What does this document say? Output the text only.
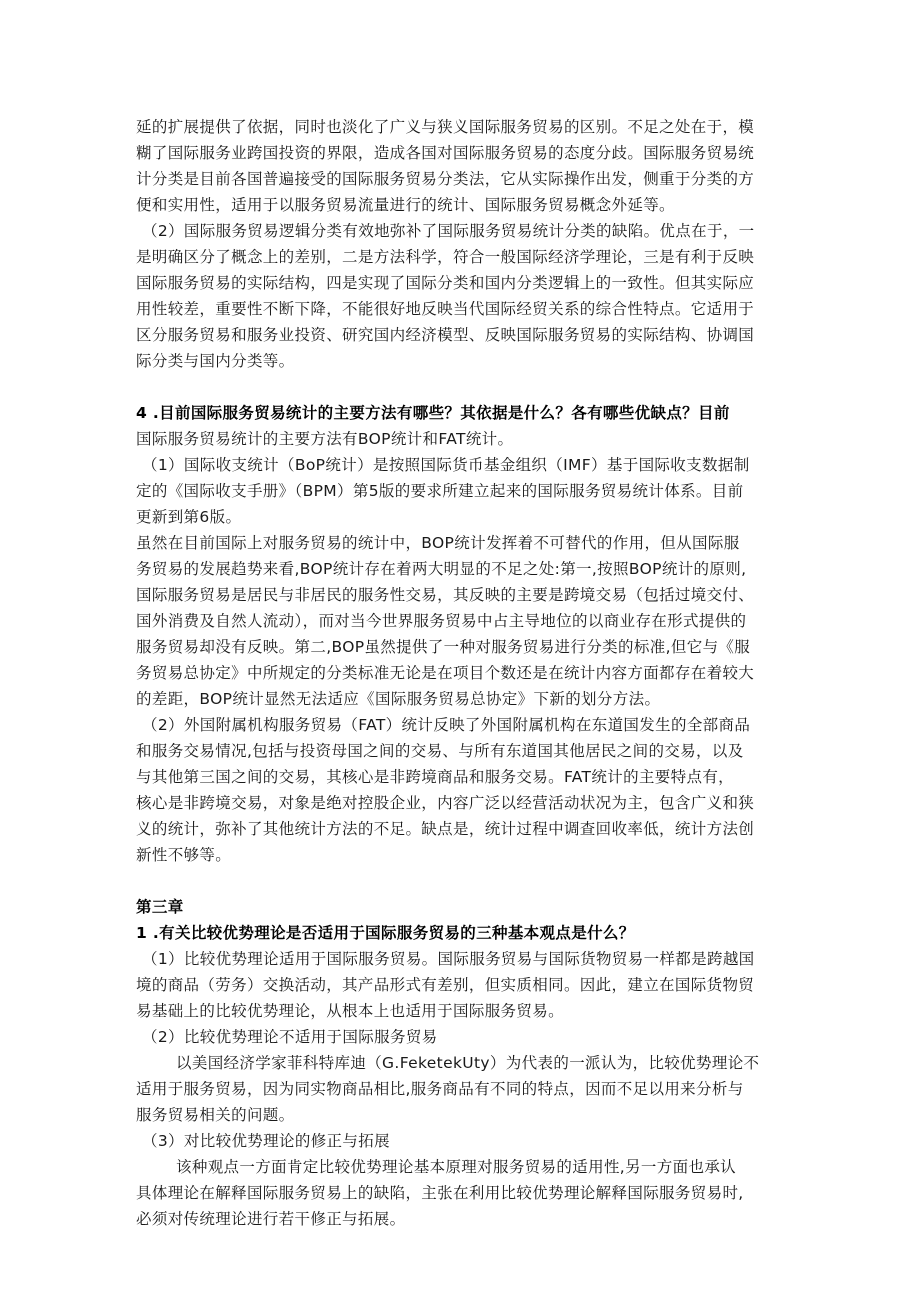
延的扩展提供了依据，同时也淡化了广义与狭义国际服务贸易的区别。不足之处在于，模
糊了国际服务业跨国投资的界限，造成各国对国际服务贸易的态度分歧。国际服务贸易统
计分类是目前各国普遍接受的国际服务贸易分类法，它从实际操作出发，侧重于分类的方
便和实用性，适用于以服务贸易流量进行的统计、国际服务贸易概念外延等。
（2）国际服务贸易逻辑分类有效地弥补了国际服务贸易统计分类的缺陷。优点在于，一
是明确区分了概念上的差别，二是方法科学，符合一般国际经济学理论，三是有利于反映
国际服务贸易的实际结构，四是实现了国际分类和国内分类逻辑上的一致性。但其实际应
用性较差，重要性不断下降，不能很好地反映当代国际经贸关系的综合性特点。它适用于
区分服务贸易和服务业投资、研究国内经济模型、反映国际服务贸易的实际结构、协调国
际分类与国内分类等。
4 .目前国际服务贸易统计的主要方法有哪些？其依据是什么？各有哪些优缺点？目前
国际服务贸易统计的主要方法有BOP统计和FAT统计。
（1）国际收支统计（BoP统计）是按照国际货币基金组织（IMF）基于国际收支数据制
定的《国际收支手册》（BPM）第5版的要求所建立起来的国际服务贸易统计体系。目前
更新到第6版。
虽然在目前国际上对服务贸易的统计中，BOP统计发挥着不可替代的作用，但从国际服
务贸易的发展趋势来看,BOP统计存在着两大明显的不足之处:第一,按照BOP统计的原则,
国际服务贸易是居民与非居民的服务性交易，其反映的主要是跨境交易（包括过境交付、
国外消费及自然人流动），而对当今世界服务贸易中占主导地位的以商业存在形式提供的
服务贸易却没有反映。第二,BOP虽然提供了一种对服务贸易进行分类的标准,但它与《服
务贸易总协定》中所规定的分类标准无论是在项目个数还是在统计内容方面都存在着较大
的差距，BOP统计显然无法适应《国际服务贸易总协定》下新的划分方法。
（2）外国附属机构服务贸易（FAT）统计反映了外国附属机构在东道国发生的全部商品
和服务交易情况,包括与投资母国之间的交易、与所有东道国其他居民之间的交易，以及
与其他第三国之间的交易，其核心是非跨境商品和服务交易。FAT统计的主要特点有，
核心是非跨境交易，对象是绝对控股企业，内容广泛以经营活动状况为主，包含广义和狭
义的统计，弥补了其他统计方法的不足。缺点是，统计过程中调查回收率低，统计方法创
新性不够等。
第三章
1 .有关比较优势理论是否适用于国际服务贸易的三种基本观点是什么？
（1）比较优势理论适用于国际服务贸易。国际服务贸易与国际货物贸易一样都是跨越国
境的商品（劳务）交换活动，其产品形式有差别，但实质相同。因此，建立在国际货物贸
易基础上的比较优势理论，从根本上也适用于国际服务贸易。
（2）比较优势理论不适用于国际服务贸易
以美国经济学家菲科特库迪（G.FeketekUty）为代表的一派认为，比较优势理论不
适用于服务贸易，因为同实物商品相比,服务商品有不同的特点，因而不足以用来分析与
服务贸易相关的问题。
（3）对比较优势理论的修正与拓展
该种观点一方面肯定比较优势理论基本原理对服务贸易的适用性,另一方面也承认
具体理论在解释国际服务贸易上的缺陷，主张在利用比较优势理论解释国际服务贸易时,
必须对传统理论进行若干修正与拓展。
